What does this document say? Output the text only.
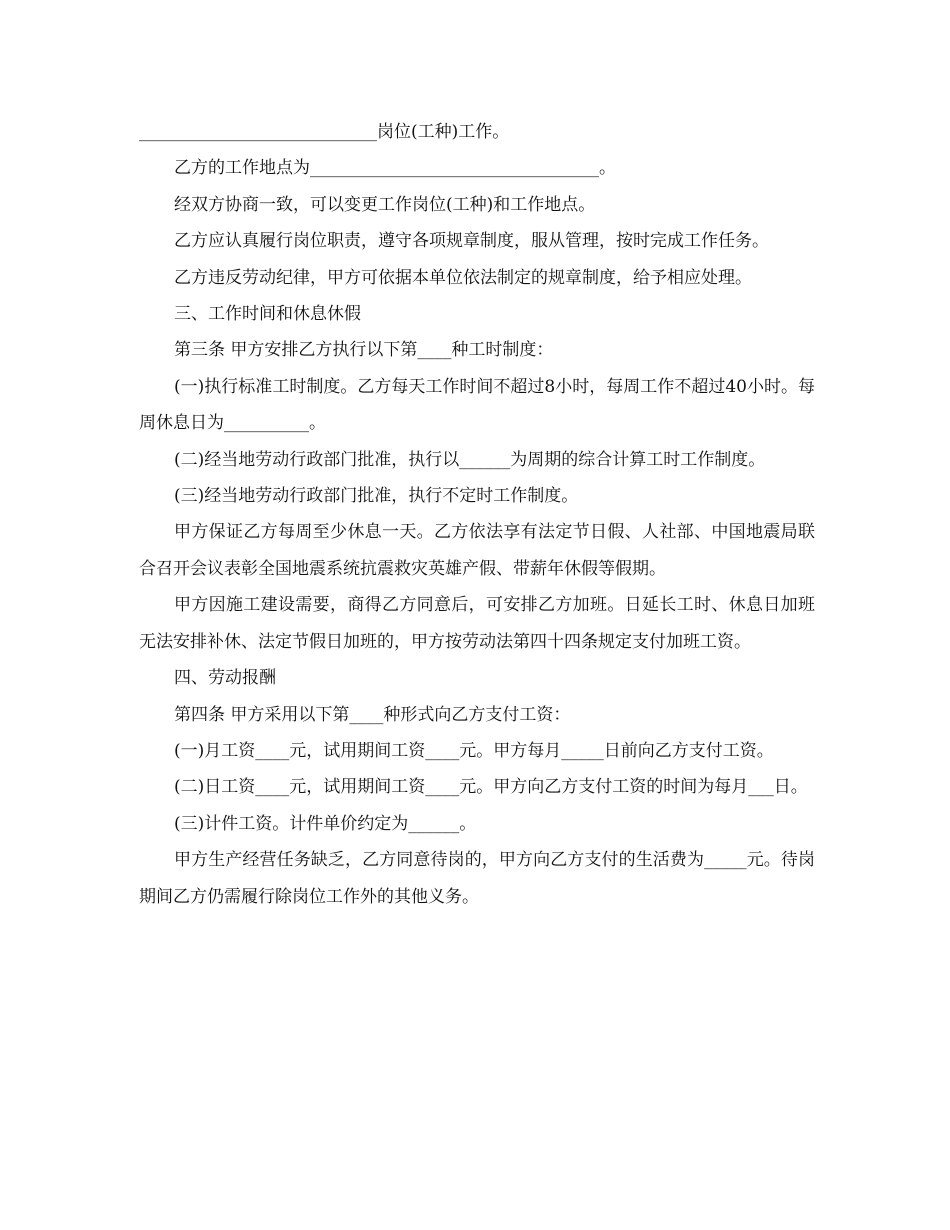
____________________________岗位(工种)工作。

乙方的工作地点为__________________________________。

经双方协商一致，可以变更工作岗位(工种)和工作地点。

乙方应认真履行岗位职责，遵守各项规章制度，服从管理，按时完成工作任务。

乙方违反劳动纪律，甲方可依据本单位依法制定的规章制度，给予相应处理。

三、工作时间和休息休假

第三条 甲方安排乙方执行以下第____种工时制度：

(一)执行标准工时制度。乙方每天工作时间不超过8小时，每周工作不超过40小时。每周休息日为__________。

(二)经当地劳动行政部门批准，执行以______为周期的综合计算工时工作制度。

(三)经当地劳动行政部门批准，执行不定时工作制度。

甲方保证乙方每周至少休息一天。乙方依法享有法定节日假、人社部、中国地震局联合召开会议表彰全国地震系统抗震救灾英雄产假、带薪年休假等假期。

甲方因施工建设需要，商得乙方同意后，可安排乙方加班。日延长工时、休息日加班无法安排补休、法定节假日加班的，甲方按劳动法第四十四条规定支付加班工资。

四、劳动报酬

第四条 甲方采用以下第____种形式向乙方支付工资：

(一)月工资____元，试用期间工资____元。甲方每月_____日前向乙方支付工资。

(二)日工资____元，试用期间工资____元。甲方向乙方支付工资的时间为每月___日。

(三)计件工资。计件单价约定为______。

甲方生产经营任务缺乏，乙方同意待岗的，甲方向乙方支付的生活费为_____元。待岗期间乙方仍需履行除岗位工作外的其他义务。
